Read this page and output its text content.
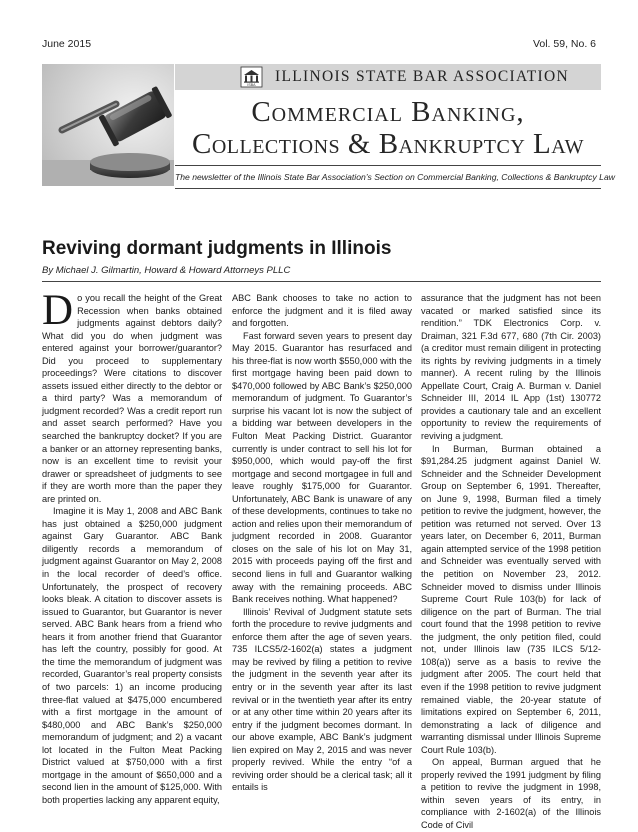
June 2015	Vol. 59, No. 6
ISBA ILLINOIS STATE BAR ASSOCIATION
Commercial Banking,
Collections & Bankruptcy Law
The newsletter of the Illinois State Bar Association’s Section on Commercial Banking, Collections & Bankruptcy Law
Reviving dormant judgments in Illinois
By Michael J. Gilmartin, Howard & Howard Attorneys PLLC

Do you recall the height of the Great Recession when banks obtained judgments against debtors daily? What did you do when judgment was entered against your borrower/guarantor? Did you proceed to supplementary proceedings? Were citations to discover assets issued either directly to the debtor or a third party? Was a memorandum of judgment recorded? Was a credit report run and asset search performed? Have you searched the bankruptcy docket? If you are a banker or an attorney representing banks, now is an excellent time to revisit your drawer or spreadsheet of judgments to see if they are worth more than the paper they are printed on.

Imagine it is May 1, 2008 and ABC Bank has just obtained a $250,000 judgment against Gary Guarantor. ABC Bank diligently records a memorandum of judgment against Guarantor on May 2, 2008 in the local recorder of deed’s office. Unfortunately, the prospect of recovery looks bleak. A citation to discover assets is issued to Guarantor, but Guarantor is never served. ABC Bank hears from a friend who hears it from another friend that Guarantor has left the country, possibly for good. At the time the memorandum of judgment was recorded, Guarantor’s real property consists of two parcels: 1) an income producing three-flat valued at $475,000 encumbered with a first mortgage in the amount of $480,000 and ABC Bank’s $250,000 memorandum of judgment; and 2) a vacant lot located in the Fulton Meat Packing District valued at $750,000 with a first mortgage in the amount of $650,000 and a second lien in the amount of $125,000. With both properties lacking any apparent equity,

ABC Bank chooses to take no action to enforce the judgment and it is filed away and forgotten.

Fast forward seven years to present day May 2015. Guarantor has resurfaced and his three-flat is now worth $550,000 with the first mortgage having been paid down to $470,000 followed by ABC Bank’s $250,000 memorandum of judgment. To Guarantor’s surprise his vacant lot is now the subject of a bidding war between developers in the Fulton Meat Packing District. Guarantor currently is under contract to sell his lot for $950,000, which would pay-off the first mortgage and second mortgagee in full and leave roughly $175,000 for Guarantor. Unfortunately, ABC Bank is unaware of any of these developments, continues to take no action and relies upon their memorandum of judgment recorded in 2008. Guarantor closes on the sale of his lot on May 31, 2015 with proceeds paying off the first and second liens in full and Guarantor walking away with the remaining proceeds. ABC Bank receives nothing. What happened?

Illinois’ Revival of Judgment statute sets forth the procedure to revive judgments and enforce them after the age of seven years. 735 ILCS5/2-1602(a) states a judgment may be revived by filing a petition to revive the judgment in the seventh year after its entry or in the seventh year after its last revival or in the twentieth year after its entry or at any other time within 20 years after its entry if the judgment becomes dormant. In our above example, ABC Bank’s judgment lien expired on May 2, 2015 and was never properly revived. While the entry “of a reviving order should be a clerical task; all it entails is

assurance that the judgment has not been vacated or marked satisfied since its rendition.” TDK Electronics Corp. v. Draiman, 321 F.3d 677, 680 (7th Cir. 2003)(a creditor must remain diligent in protecting its rights by reviving judgments in a timely manner). A recent ruling by the Illinois Appellate Court, Craig A. Burman v. Daniel Schneider III, 2014 IL App (1st) 130772 provides a cautionary tale and an excellent opportunity to review the requirements of reviving a judgment.

In Burman, Burman obtained a $91,284.25 judgment against Daniel W. Schneider and the Schneider Development Group on September 6, 1991. Thereafter, on June 9, 1998, Burman filed a timely petition to revive the judgment, however, the petition was returned not served. Over 13 years later, on December 6, 2011, Burman again attempted service of the 1998 petition and Schneider was eventually served with the petition on November 23, 2012. Schneider moved to dismiss under Illinois Supreme Court Rule 103(b) for lack of diligence on the part of Burman. The trial court found that the 1998 petition to revive the judgment, the only petition filed, could not, under Illinois law (735 ILCS 5/12-108(a)) serve as a basis to revive the judgment after 2005. The court held that even if the 1998 petition to revive judgment remained viable, the 20-year statute of limitations expired on September 6, 2011, demonstrating a lack of diligence and warranting dismissal under Illinois Supreme Court Rule 103(b).

On appeal, Burman argued that he properly revived the 1991 judgment by filing a petition to revive the judgment in 1998, within seven years of its entry, in compliance with 2-1602(a) of the Illinois Code of Civil
